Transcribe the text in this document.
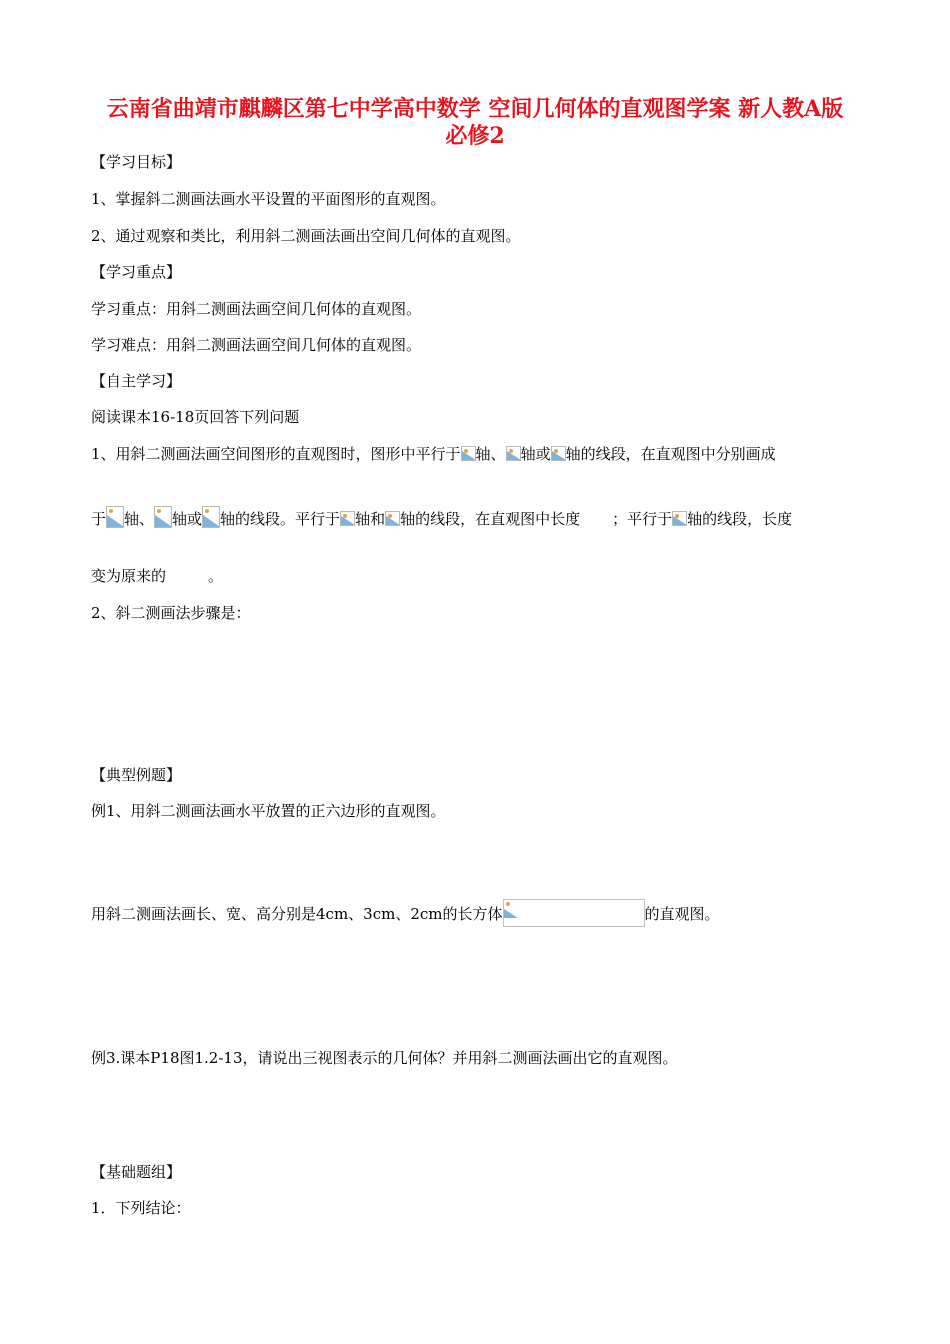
云南省曲靖市麒麟区第七中学高中数学 空间几何体的直观图学案 新人教A版
必修2
【学习目标】
1、掌握斜二测画法画水平设置的平面图形的直观图。
2、通过观察和类比，利用斜二测画法画出空间几何体的直观图。
【学习重点】
学习重点：用斜二测画法画空间几何体的直观图。
学习难点：用斜二测画法画空间几何体的直观图。
【自主学习】
阅读课本16-18页回答下列问题
1、用斜二测画法画空间图形的直观图时，图形中平行于 轴、 轴或 轴的线段，在直观图中分别画成
于 轴、 轴或 轴的线段。平行于 轴和 轴的线段，在直观图中长度 ；平行于 轴的线段，长度
变为原来的	。
2、斜二测画法步骤是：
【典型例题】
例1、用斜二测画法画水平放置的正六边形的直观图。
用斜二测画法画长、宽、高分别是4cm、3cm、2cm的长方体	的直观图。
例3.课本P18图1.2-13，请说出三视图表示的几何体？并用斜二测画法画出它的直观图。
【基础题组】
1．下列结论：
